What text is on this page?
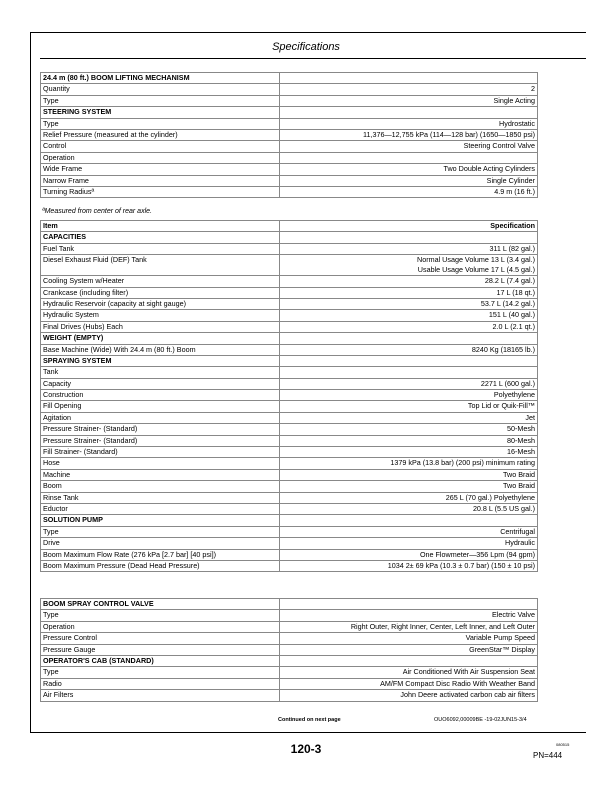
Specifications
24.4 m (80 ft.) BOOM LIFTING MECHANISM	
Quantity	2
Type	Single Acting
STEERING SYSTEM	
Type	Hydrostatic
Relief Pressure (measured at the cylinder)	11,376—12,755 kPa (114—128 bar) (1650—1850 psi)
Control	Steering Control Valve
Operation	
Wide Frame	Two Double Acting Cylinders
Narrow Frame	Single Cylinder
Turning Radiusª	4.9 m (16 ft.)
ªMeasured from center of rear axle.
Item	Specification
CAPACITIES	
Fuel Tank	311 L (82 gal.)
Diesel Exhaust Fluid (DEF) Tank	Normal Usage Volume 13 L (3.4 gal.)
Usable Usage Volume 17 L (4.5 gal.)

Cooling System w/Heater	28.2 L (7.4 gal.)
Crankcase (including filter)	17 L (18 qt.)
Hydraulic Reservoir (capacity at sight gauge)	53.7 L (14.2 gal.)
Hydraulic System	151 L (40 gal.)
Final Drives (Hubs) Each	2.0 L (2.1 qt.)
WEIGHT (EMPTY)	
Base Machine (Wide) With 24.4 m (80 ft.) Boom	8240 Kg (18165 lb.)
SPRAYING SYSTEM	
Tank	
Capacity	2271 L (600 gal.)
Construction	Polyethylene
Fill Opening	Top Lid or Quik-Fill™
Agitation	Jet
Pressure Strainer- (Standard)	50-Mesh
Pressure Strainer- (Standard)	80-Mesh
Fill Strainer- (Standard)	16-Mesh
Hose	1379 kPa (13.8 bar) (200 psi) minimum rating
Machine	Two Braid
Boom	Two Braid
Rinse Tank	265 L (70 gal.) Polyethylene
Eductor	20.8 L (5.5 US gal.)
SOLUTION PUMP	
Type	Centrifugal
Drive	Hydraulic
Boom Maximum Flow Rate (276 kPa [2.7 bar] [40 psi])	One Flowmeter—356 Lpm (94 gpm)
Boom Maximum Pressure (Dead Head Pressure)	1034 2± 69 kPa (10.3 ± 0.7 bar) (150 ± 10 psi)
BOOM SPRAY CONTROL VALVE	
Type	Electric Valve
Operation	Right Outer, Right Inner, Center, Left Inner, and Left Outer
Pressure Control	Variable Pump Speed
Pressure Gauge	GreenStar™ Display
OPERATOR'S CAB (STANDARD)	
Type	Air Conditioned With Air Suspension Seat
Radio	AM/FM Compact Disc Radio With Weather Band
Air Filters	John Deere activated carbon cab air filters
Continued on next page	OUO6092,00009BE -19-02JUN15-3/4
120-3	080515
PN=444
